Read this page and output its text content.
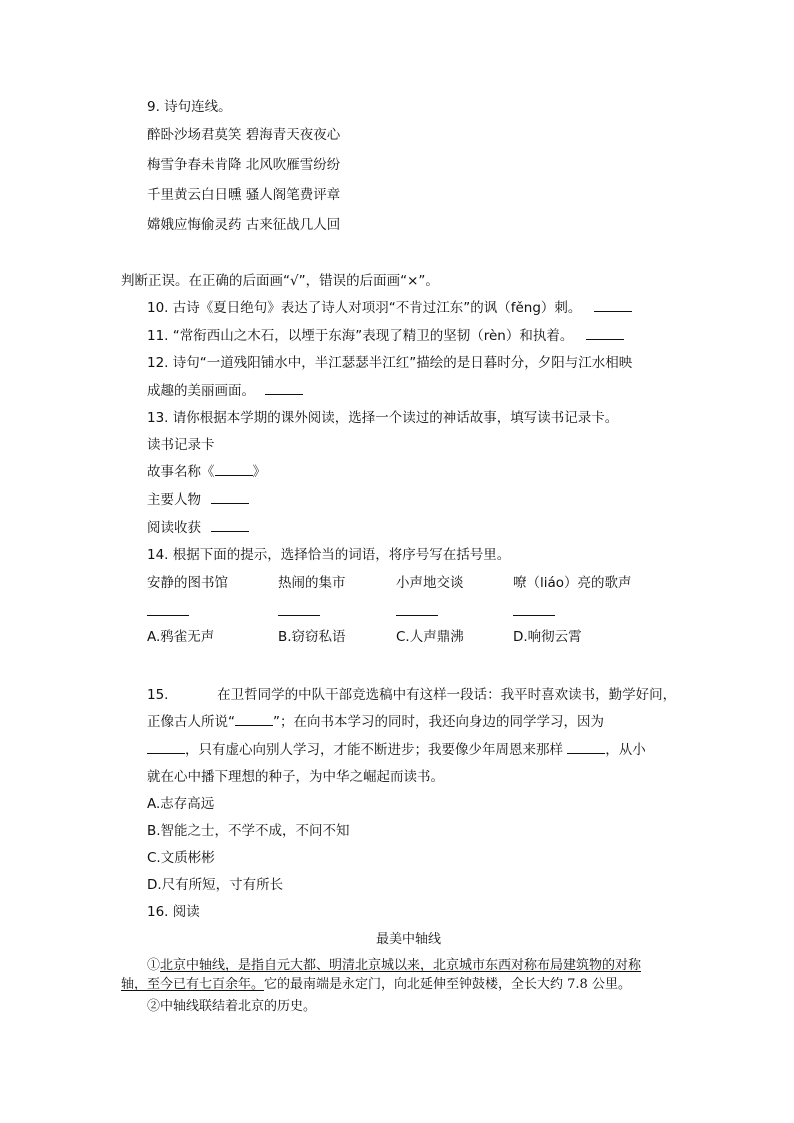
9. 诗句连线。
醉卧沙场君莫笑 碧海青天夜夜心
梅雪争春未肯降 北风吹雁雪纷纷
千里黄云白日曛 骚人阁笔费评章
嫦娥应悔偷灵药 古来征战几人回
判断正误。在正确的后面画“√”，错误的后面画“×”。
10. 古诗《夏日绝句》表达了诗人对项羽“不肯过江东”的讽（fěng）刺。
11. “常衔西山之木石，以堙于东海”表现了精卫的坚韧（rèn）和执着。
12. 诗句“一道残阳铺水中，半江瑟瑟半江红”描绘的是日暮时分，夕阳与江水相映
成趣的美丽画面。
13. 请你根据本学期的课外阅读，选择一个读过的神话故事，填写读书记录卡。
读书记录卡
故事名称《	》
主要人物
阅读收获
14. 根据下面的提示，选择恰当的词语，将序号写在括号里。
安静的图书馆	热闹的集市	小声地交谈	嘹（liáo）亮的歌声
A.鸦雀无声	B.窃窃私语	C.人声鼎沸	D.响彻云霄
15.	在卫哲同学的中队干部竞选稿中有这样一段话：我平时喜欢读书，勤学好问，
正像古人所说“	”；在向书本学习的同时，我还向身边的同学学习，因为
，只有虚心向别人学习，才能不断进步；我要像少年周恩来那样	，从小
就在心中播下理想的种子，为中华之崛起而读书。
A.志存高远
B.智能之士，不学不成，不问不知
C.文质彬彬
D.尺有所短，寸有所长
16. 阅读
最美中轴线
①北京中轴线，是指自元大都、明清北京城以来，北京城市东西对称布局建筑物的对称
轴，至今已有七百余年。它的最南端是永定门，向北延伸至钟鼓楼，全长大约 7.8 公里。
②中轴线联结着北京的历史。
